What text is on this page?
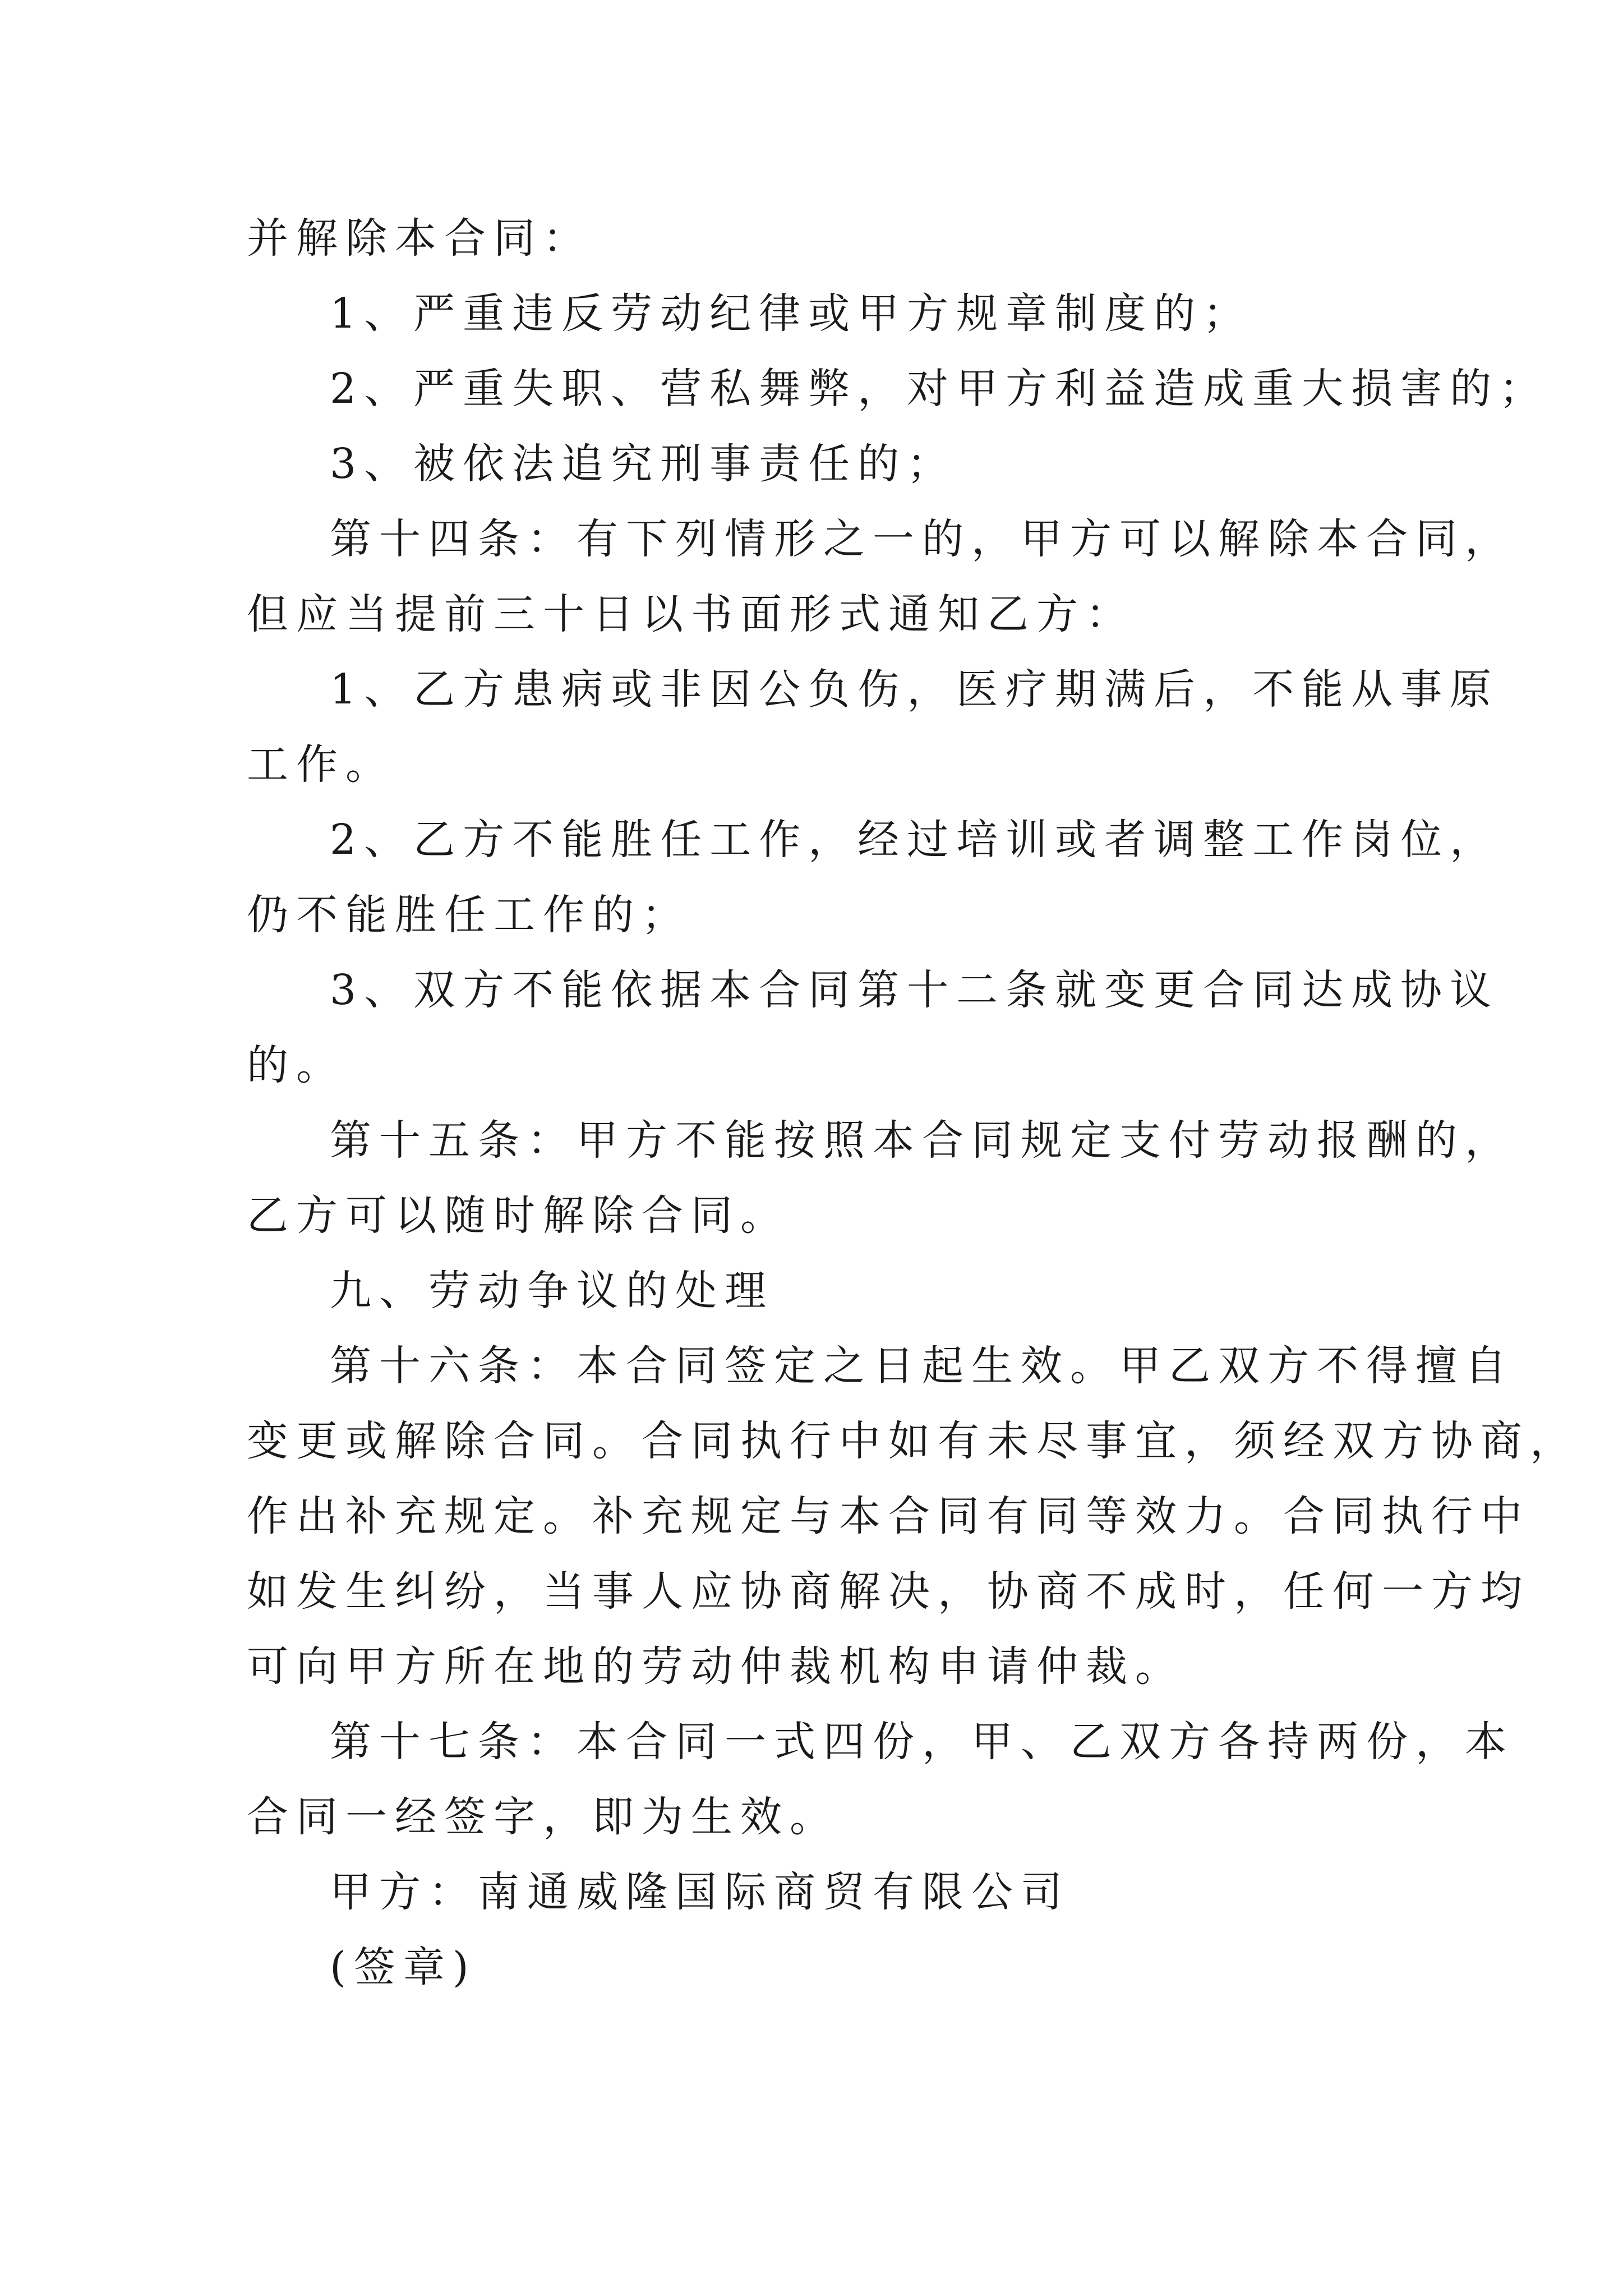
并解除本合同：
1、严重违反劳动纪律或甲方规章制度的；
2、严重失职、营私舞弊，对甲方利益造成重大损害的；
3、被依法追究刑事责任的；
第十四条：有下列情形之一的，甲方可以解除本合同，
但应当提前三十日以书面形式通知乙方：
1、乙方患病或非因公负伤，医疗期满后，不能从事原
工作。
2、乙方不能胜任工作，经过培训或者调整工作岗位，
仍不能胜任工作的；
3、双方不能依据本合同第十二条就变更合同达成协议
的。
第十五条：甲方不能按照本合同规定支付劳动报酬的，
乙方可以随时解除合同。
九、劳动争议的处理
第十六条：本合同签定之日起生效。甲乙双方不得擅自
变更或解除合同。合同执行中如有未尽事宜，须经双方协商，
作出补充规定。补充规定与本合同有同等效力。合同执行中
如发生纠纷，当事人应协商解决，协商不成时，任何一方均
可向甲方所在地的劳动仲裁机构申请仲裁。
第十七条：本合同一式四份，甲、乙双方各持两份，本
合同一经签字，即为生效。
甲方：南通威隆国际商贸有限公司
(签章)
